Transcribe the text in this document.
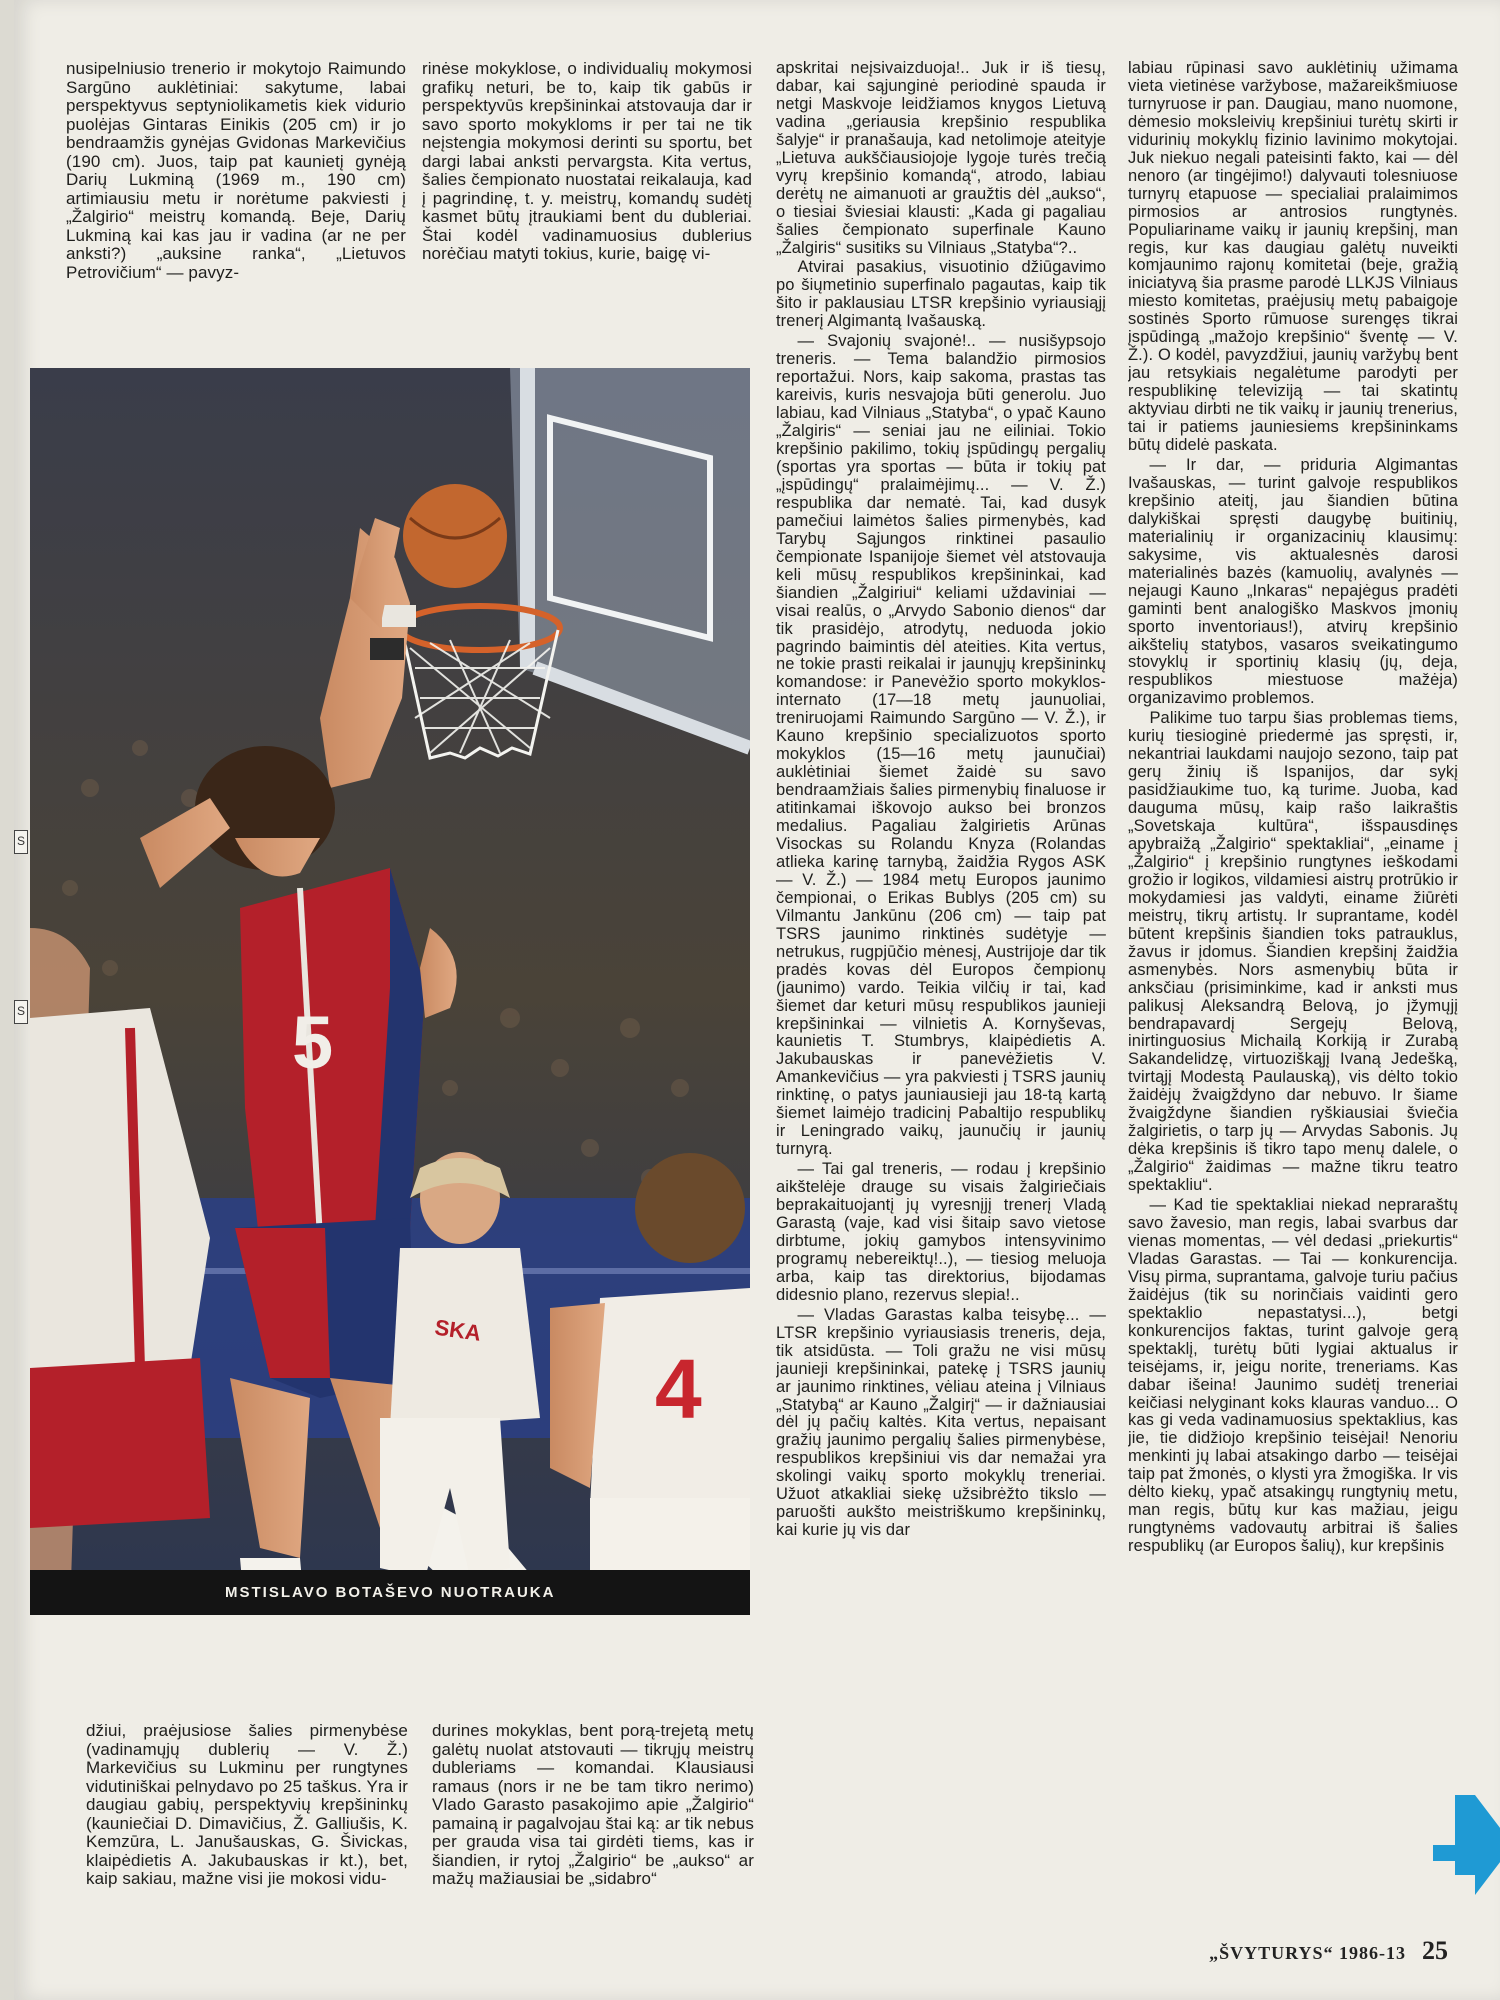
S
S

nusipelniusio trenerio ir mokytojo Raimundo Sargūno auklėtiniai: sakytume, labai perspektyvus septyniolikametis kiek vidurio puolėjas Gintaras Einikis (205 cm) ir jo bendraamžis gynėjas Gvidonas Markevičius (190 cm). Juos, taip pat kaunietį gynėją Darių Lukminą (1969 m., 190 cm) artimiausiu metu ir norėtume pakviesti į „Žalgirio“ meistrų komandą. Beje, Darių Lukminą kai kas jau ir vadina (ar ne per anksti?) „auksine ranka“, „Lietuvos Petrovičium“ — pavyz-

rinėse mokyklose, o individualių mokymosi grafikų neturi, be to, kaip tik gabūs ir perspektyvūs krepšininkai atstovauja dar ir savo sporto mokykloms ir per tai ne tik neįstengia mokymosi derinti su sportu, bet dargi labai anksti pervargsta. Kita vertus, šalies čempionato nuostatai reikalauja, kad į pagrindinę, t. y. meistrų, komandų sudėtį kasmet būtų įtraukiami bent du dubleriai. Štai kodėl vadinamuosius dublerius norėčiau matyti tokius, kurie, baigę vi-

5
SKA
4
MSTISLAVO BOTAŠEVO NUOTRAUKA

apskritai neįsivaizduoja!.. Juk ir iš tiesų, dabar, kai sąjunginė periodinė spauda ir netgi Maskvoje leidžiamos knygos Lietuvą vadina „geriausia krepšinio respublika šalyje“ ir pranašauja, kad netolimoje ateityje „Lietuva aukščiausiojoje lygoje turės trečią vyrų krepšinio komandą“, atrodo, labiau derėtų ne aimanuoti ar graužtis dėl „aukso“, o tiesiai šviesiai klausti: „Kada gi pagaliau šalies čempionato superfinale Kauno „Žalgiris“ susitiks su Vilniaus „Statyba“?..

Atvirai pasakius, visuotinio džiūgavimo po šiųmetinio superfinalo pagautas, kaip tik šito ir paklausiau LTSR krepšinio vyriausiąjį trenerį Algimantą Ivašauską.

— Svajonių svajonė!.. — nusišypsojo treneris. — Tema balandžio pirmosios reportažui. Nors, kaip sakoma, prastas tas kareivis, kuris nesvajoja būti generolu. Juo labiau, kad Vilniaus „Statyba“, o ypač Kauno „Žalgiris“ — seniai jau ne eiliniai. Tokio krepšinio pakilimo, tokių įspūdingų pergalių (sportas yra sportas — būta ir tokių pat „įspūdingų“ pralaimėjimų... — V. Ž.) respublika dar nematė. Tai, kad dusyk pamečiui laimėtos šalies pirmenybės, kad Tarybų Sąjungos rinktinei pasaulio čempionate Ispanijoje šiemet vėl atstovauja keli mūsų respublikos krepšininkai, kad šiandien „Žalgiriui“ keliami uždaviniai — visai realūs, o „Arvydo Sabonio dienos“ dar tik prasidėjo, atrodytų, neduoda jokio pagrindo baimintis dėl ateities. Kita vertus, ne tokie prasti reikalai ir jaunųjų krepšininkų komandose: ir Panevėžio sporto mokyklos-internato (17—18 metų jaunuoliai, treniruojami Raimundo Sargūno — V. Ž.), ir Kauno krepšinio specializuotos sporto mokyklos (15—16 metų jaunučiai) auklėtiniai šiemet žaidė su savo bendraamžiais šalies pirmenybių finaluose ir atitinkamai iškovojo aukso bei bronzos medalius. Pagaliau žalgirietis Arūnas Visockas su Rolandu Knyza (Rolandas atlieka karinę tarnybą, žaidžia Rygos ASK — V. Ž.) — 1984 metų Europos jaunimo čempionai, o Erikas Bublys (205 cm) su Vilmantu Jankūnu (206 cm) — taip pat TSRS jaunimo rinktinės sudėtyje — netrukus, rugpjūčio mėnesį, Austrijoje dar tik pradės kovas dėl Europos čempionų (jaunimo) vardo. Teikia vilčių ir tai, kad šiemet dar keturi mūsų respublikos jaunieji krepšininkai — vilnietis A. Kornyševas, kaunietis T. Stumbrys, klaipėdietis A. Jakubauskas ir panevėžietis V. Amankevičius — yra pakviesti į TSRS jaunių rinktinę, o patys jauniausieji jau 18-tą kartą šiemet laimėjo tradicinį Pabaltijo respublikų ir Leningrado vaikų, jaunučių ir jaunių turnyrą.

— Tai gal treneris, — rodau į krepšinio aikštelėje drauge su visais žalgiriečiais beprakaituojantį jų vyresnįjį trenerį Vladą Garastą (vaje, kad visi šitaip savo vietose dirbtume, jokių gamybos intensyvinimo programų nebereiktų!..), — tiesiog meluoja arba, kaip tas direktorius, bijodamas didesnio plano, rezervus slepia!..

— Vladas Garastas kalba teisybę... — LTSR krepšinio vyriausiasis treneris, deja, tik atsidūsta. — Toli gražu ne visi mūsų jaunieji krepšininkai, patekę į TSRS jaunių ar jaunimo rinktines, vėliau ateina į Vilniaus „Statybą“ ar Kauno „Žalgirį“ — ir dažniausiai dėl jų pačių kaltės. Kita vertus, nepaisant gražių jaunimo pergalių šalies pirmenybėse, respublikos krepšiniui vis dar nemažai yra skolingi vaikų sporto mokyklų treneriai. Užuot atkakliai siekę užsibrėžto tikslo — paruošti aukšto meistriškumo krepšininkų, kai kurie jų vis dar

labiau rūpinasi savo auklėtinių užimama vieta vietinėse varžybose, mažareikšmiuose turnyruose ir pan. Daugiau, mano nuomone, dėmesio moksleivių krepšiniui turėtų skirti ir vidurinių mokyklų fizinio lavinimo mokytojai. Juk niekuo negali pateisinti fakto, kai — dėl nenoro (ar tingėjimo!) dalyvauti tolesniuose turnyrų etapuose — specialiai pralaimimos pirmosios ar antrosios rungtynės. Populiariname vaikų ir jaunių krepšinį, man regis, kur kas daugiau galėtų nuveikti komjaunimo rajonų komitetai (beje, gražią iniciatyvą šia prasme parodė LLKJS Vilniaus miesto komitetas, praėjusių metų pabaigoje sostinės Sporto rūmuose surengęs tikrai įspūdingą „mažojo krepšinio“ šventę — V. Ž.). O kodėl, pavyzdžiui, jaunių varžybų bent jau retsykiais negalėtume parodyti per respublikinę televiziją — tai skatintų aktyviau dirbti ne tik vaikų ir jaunių trenerius, tai ir patiems jauniesiems krepšininkams būtų didelė paskata.

— Ir dar, — priduria Algimantas Ivašauskas, — turint galvoje respublikos krepšinio ateitį, jau šiandien būtina dalykiškai spręsti daugybę buitinių, materialinių ir organizacinių klausimų: sakysime, vis aktualesnės darosi materialinės bazės (kamuolių, avalynės — nejaugi Kauno „Inkaras“ nepajėgus pradėti gaminti bent analogiško Maskvos įmonių sporto inventoriaus!), atvirų krepšinio aikštelių statybos, vasaros sveikatingumo stovyklų ir sportinių klasių (jų, deja, respublikos miestuose mažėja) organizavimo problemos.

Palikime tuo tarpu šias problemas tiems, kurių tiesioginė priedermė jas spręsti, ir, nekantriai laukdami naujojo sezono, taip pat gerų žinių iš Ispanijos, dar sykį pasidžiaukime tuo, ką turime. Juoba, kad dauguma mūsų, kaip rašo laikraštis „Sovetskaja kultūra“, išspausdinęs apybraižą „Žalgirio“ spektakliai“, „einame į „Žalgirio“ į krepšinio rungtynes ieškodami grožio ir logikos, vildamiesi aistrų protrūkio ir mokydamiesi jas valdyti, einame žiūrėti meistrų, tikrų artistų. Ir suprantame, kodėl būtent krepšinis šiandien toks patrauklus, žavus ir įdomus. Šiandien krepšinį žaidžia asmenybės. Nors asmenybių būta ir anksčiau (prisiminkime, kad ir anksti mus palikusį Aleksandrą Belovą, jo įžymųjį bendrapavardį Sergejų Belovą, inirtinguosius Michailą Korkiją ir Zurabą Sakandelidzę, virtuoziškąjį Ivaną Jedešką, tvirtąjį Modestą Paulauską), vis dėlto tokio žaidėjų žvaigždyno dar nebuvo. Ir šiame žvaigždyne šiandien ryškiausiai šviečia žalgirietis, o tarp jų — Arvydas Sabonis. Jų dėka krepšinis iš tikro tapo menų dalele, o „Žalgirio“ žaidimas — mažne tikru teatro spektakliu“.

— Kad tie spektakliai niekad nepraraštų savo žavesio, man regis, labai svarbus dar vienas momentas, — vėl dedasi „priekurtis“ Vladas Garastas. — Tai — konkurencija. Visų pirma, suprantama, galvoje turiu pačius žaidėjus (tik su norinčiais vaidinti gero spektaklio nepastatysi...), betgi konkurencijos faktas, turint galvoje gerą spektaklį, turėtų būti lygiai aktualus ir teisėjams, ir, jeigu norite, treneriams. Kas dabar išeina! Jaunimo sudėtį treneriai keičiasi nelyginant koks klauras vanduo... O kas gi veda vadinamuosius spektaklius, kas jie, tie didžiojo krepšinio teisėjai! Nenoriu menkinti jų labai atsakingo darbo — teisėjai taip pat žmonės, o klysti yra žmogiška. Ir vis dėlto kiekų, ypač atsakingų rungtynių metu, man regis, būtų kur kas mažiau, jeigu rungtynėms vadovautų arbitrai iš šalies respublikų (ar Europos šalių), kur krepšinis

džiui, praėjusiose šalies pirmenybėse (vadinamųjų dublerių — V. Ž.) Markevičius su Lukminu per rungtynes vidutiniškai pelnydavo po 25 taškus. Yra ir daugiau gabių, perspektyvių krepšininkų (kauniečiai D. Dimavičius, Ž. Galliušis, K. Kemzūra, L. Janušauskas, G. Šivickas, klaipėdietis A. Jakubauskas ir kt.), bet, kaip sakiau, mažne visi jie mokosi vidu-

durines mokyklas, bent porą-trejetą metų galėtų nuolat atstovauti — tikrųjų meistrų dubleriams — komandai. Klausiausi ramaus (nors ir ne be tam tikro nerimo) Vlado Garasto pasakojimo apie „Žalgirio“ pamainą ir pagalvojau štai ką: ar tik nebus per grauda visa tai girdėti tiems, kas ir šiandien, ir rytoj „Žalgirio“ be „aukso“ ar mažų mažiausiai be „sidabro“

„ŠVYTURYS“ 1986-13 25
